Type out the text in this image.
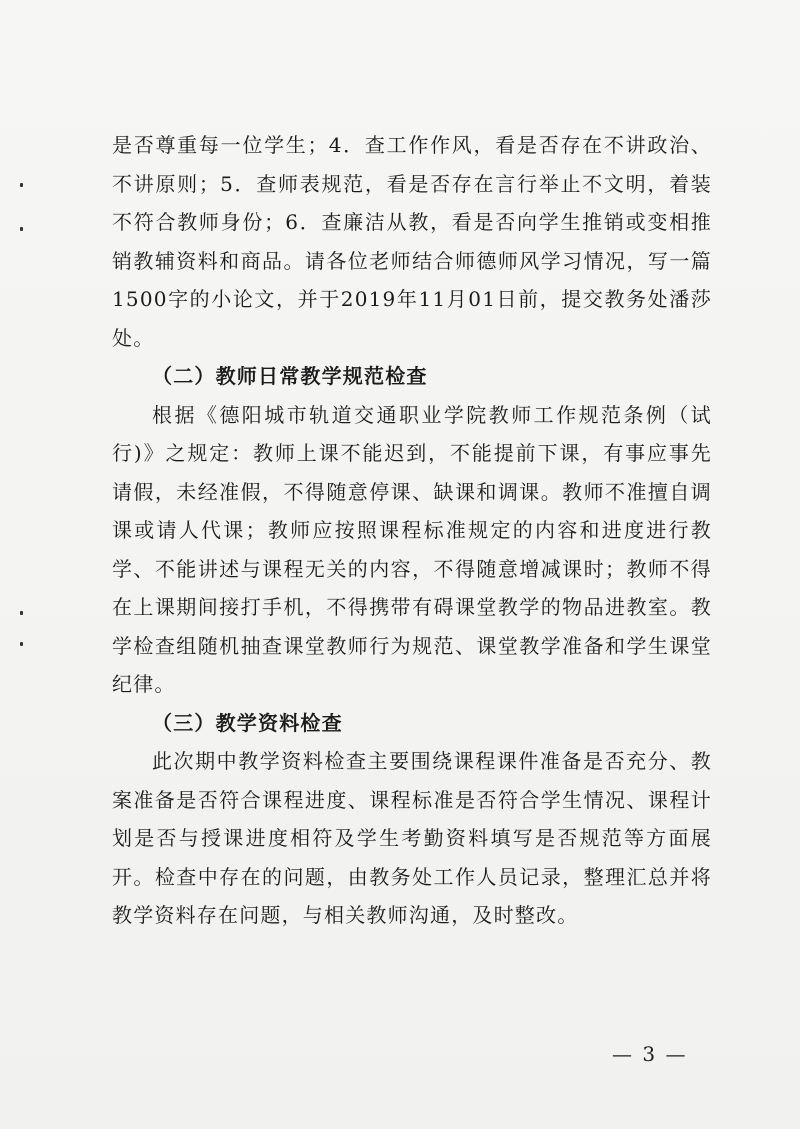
是否尊重每一位学生；4．查工作作风，看是否存在不讲政治、不讲原则；5．查师表规范，看是否存在言行举止不文明，着装不符合教师身份；6．查廉洁从教，看是否向学生推销或变相推销教辅资料和商品。请各位老师结合师德师风学习情况，写一篇1500字的小论文，并于2019年11月01日前，提交教务处潘莎处。

（二）教师日常教学规范检查

根据《德阳城市轨道交通职业学院教师工作规范条例（试行)》之规定：教师上课不能迟到，不能提前下课，有事应事先请假，未经准假，不得随意停课、缺课和调课。教师不准擅自调课或请人代课；教师应按照课程标准规定的内容和进度进行教学、不能讲述与课程无关的内容，不得随意增减课时；教师不得在上课期间接打手机，不得携带有碍课堂教学的物品进教室。教学检查组随机抽查课堂教师行为规范、课堂教学准备和学生课堂纪律。

（三）教学资料检查

此次期中教学资料检查主要围绕课程课件准备是否充分、教案准备是否符合课程进度、课程标准是否符合学生情况、课程计划是否与授课进度相符及学生考勤资料填写是否规范等方面展开。检查中存在的问题，由教务处工作人员记录，整理汇总并将教学资料存在问题，与相关教师沟通，及时整改。

— 3 —
